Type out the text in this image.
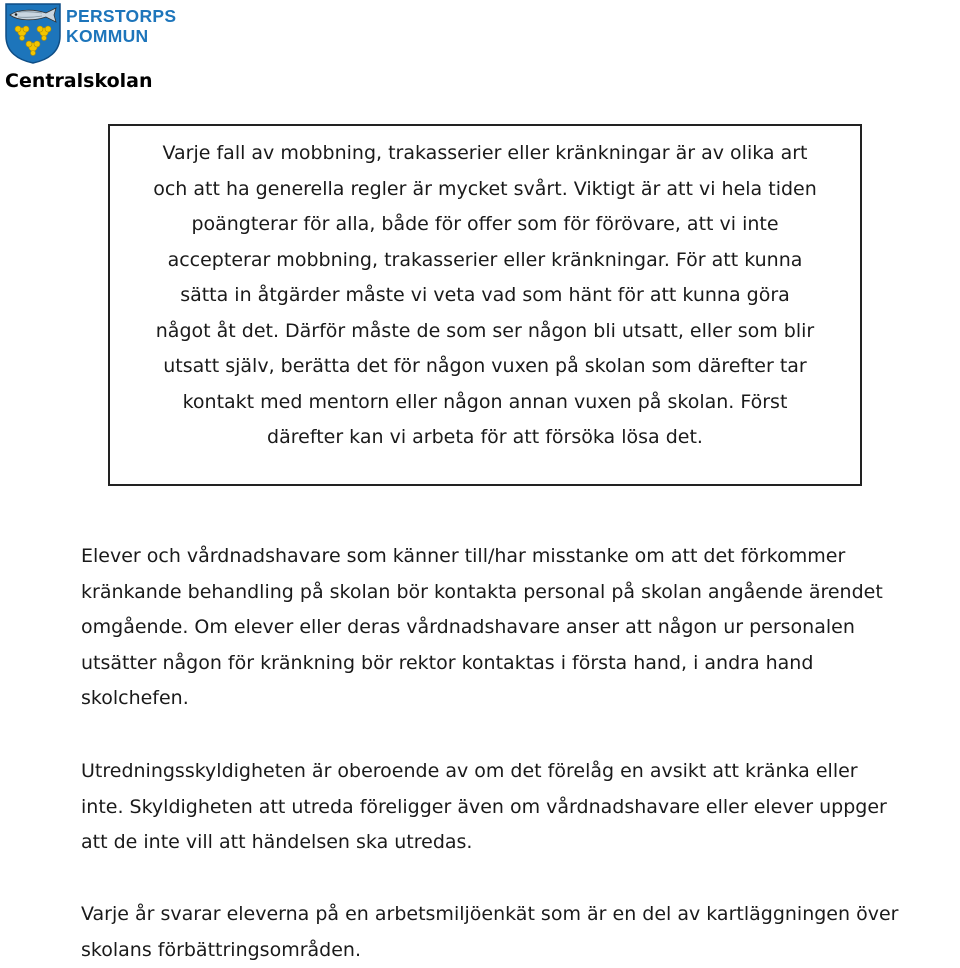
PERSTORPS
KOMMUN
Centralskolan
Varje fall av mobbning, trakasserier eller kränkningar är av olika art
och att ha generella regler är mycket svårt. Viktigt är att vi hela tiden
poängterar för alla, både för offer som för förövare, att vi inte
accepterar mobbning, trakasserier eller kränkningar. För att kunna
sätta in åtgärder måste vi veta vad som hänt för att kunna göra
något åt det. Därför måste de som ser någon bli utsatt, eller som blir
utsatt själv, berätta det för någon vuxen på skolan som därefter tar
kontakt med mentorn eller någon annan vuxen på skolan. Först
därefter kan vi arbeta för att försöka lösa det.
Elever och vårdnadshavare som känner till/har misstanke om att det förkommer
kränkande behandling på skolan bör kontakta personal på skolan angående ärendet
omgående. Om elever eller deras vårdnadshavare anser att någon ur personalen
utsätter någon för kränkning bör rektor kontaktas i första hand, i andra hand
skolchefen.
Utredningsskyldigheten är oberoende av om det förelåg en avsikt att kränka eller
inte. Skyldigheten att utreda föreligger även om vårdnadshavare eller elever uppger
att de inte vill att händelsen ska utredas.
Varje år svarar eleverna på en arbetsmiljöenkät som är en del av kartläggningen över
skolans förbättringsområden.
